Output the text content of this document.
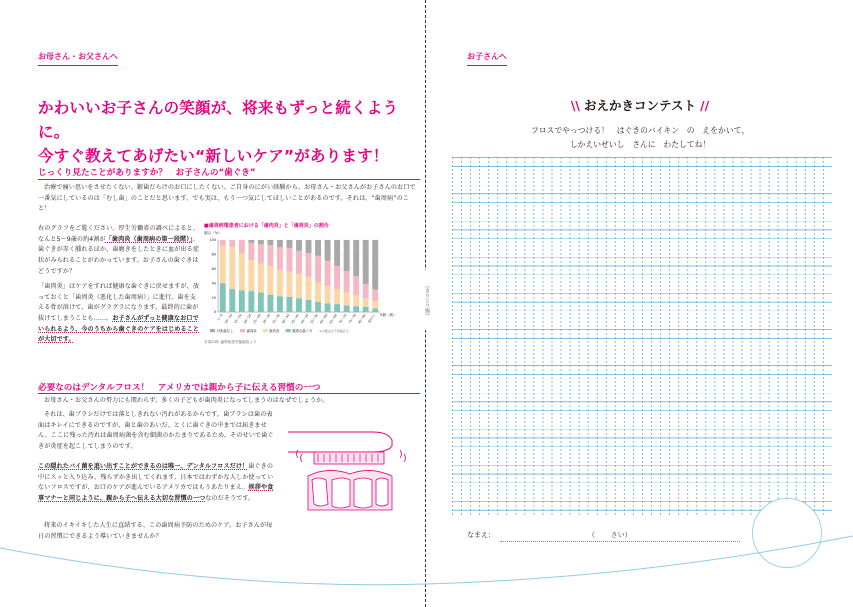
お母さん・お父さんへ
かわいいお子さんの笑顔が、将来もずっと続くように。
今すぐ教えてあげたい“新しいケア”があります！
じっくり見たことがありますか？　お子さんの“歯ぐき”
治療で痛い思いをさせたくない、銀歯だらけのお口にしたくない。ご自身のにがい経験から、お母さん・お父さんがお子さんのお口で一番気にしているのは「むし歯」のことだと思います。でも実は、もう一つ気にしてほしいことがあるのです。それは、“歯周病”のこと！
右のグラフをご覧ください。厚生労働省の調べによると、なんと5～9歳の約4割が「歯肉炎（歯周病の第一段階）」。歯ぐきが赤く腫れるほか、歯磨きをしたときに血が出る症状がみられることがわかっています。お子さんの歯ぐきはどうですか？
「歯肉炎」はケアをすれば健康な歯ぐきに戻せますが、放っておくと「歯周炎（悪化した歯周病）」に進行。歯を支える骨が溶けて、歯がグラグラになります。最終的に歯が抜けてしまうことも……。お子さんがずっと健康なお口でいられるよう、今のうちから歯ぐきのケアをはじめることが大切です。
必要なのはデンタルフロス！　アメリカでは親から子に伝える習慣の一つ
お母さん・お父さんの努力にも関わらず、多くの子どもが歯肉炎になってしまうのはなぜでしょうか。
それは、歯ブラシだけでは落としきれない汚れがあるからです。歯ブラシは歯の表面はキレイにできるのですが、歯と歯のあいだ、とくに歯ぐきの中までは届きません。ここに残った汚れは歯周病菌を含む細菌のかたまりであるため、そのせいで歯ぐきが炎症を起こしてしまうのです。
この隠れたバイ菌を追い出すことができるのは唯一、デンタルフロスだけ！歯ぐきの中にスッと入り込み、残らずかき出してくれます。日本ではわずかな人しか使っていないフロスですが、お口のケアが進んでいるアメリカではもうあたりまえ。挨拶や食事マナーと同じように、親から子へ伝える大切な習慣の一つなのだそうです。
将来のイキイキした人生に直結する、この歯周病予防のためのケア。お子さんが毎日の習慣にできるよう導いていきませんか？
■歯周病罹患者における「歯肉炎」と「歯周炎」の割合
割合（%）
100
80
60
40
20
0
5～9 10～14 15～19 20～24 25～29 30～34 35～39 40～44 45～49 50～54 55～59 60～64 65～69 70～74 75～79 80～84 85以上 年齢（歳）
対象歯なし	歯周炎	歯肉炎	健康な歯ぐき ※小数点以下四捨五入
平成23年 歯科疾患実態調査より
《きりとり線》
お子さんへ
\\ おえかきコンテスト //
フロスでやっつける！　はぐきのバイキン　の　えをかいて、
しかえいせいし　さんに　わたしてね！
なまえ：	（ さい）
